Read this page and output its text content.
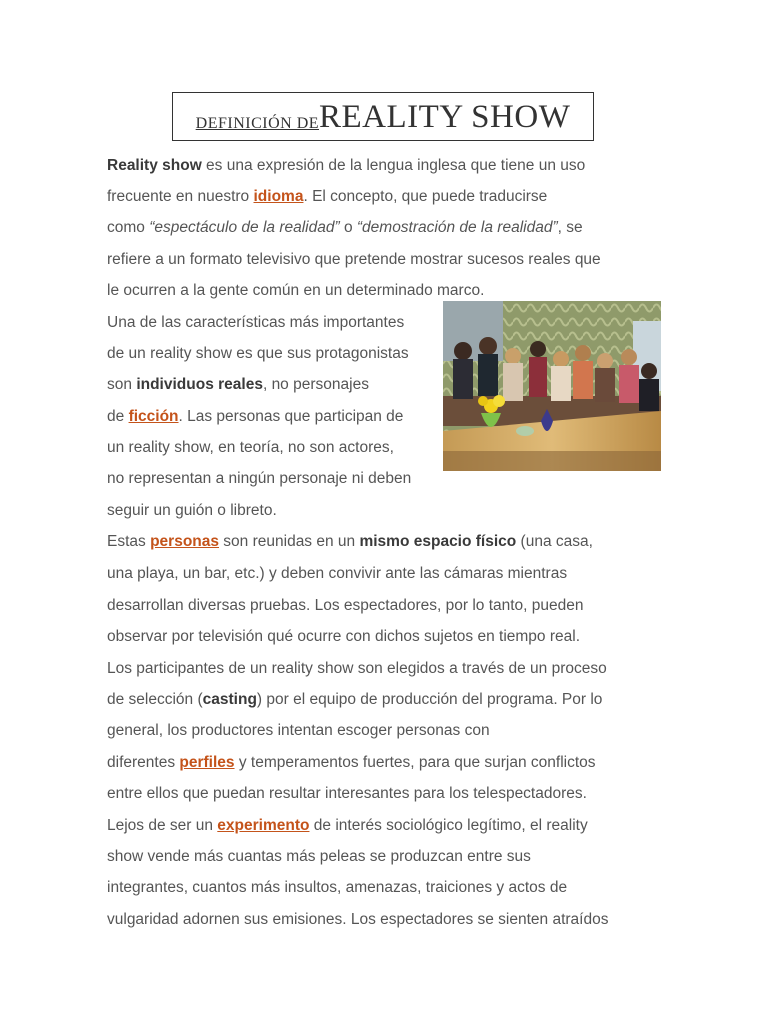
DEFINICIÓN DE REALITY SHOW
Reality show es una expresión de la lengua inglesa que tiene un uso
frecuente en nuestro idioma. El concepto, que puede traducirse
como “espectáculo de la realidad” o “demostración de la realidad”, se
refiere a un formato televisivo que pretende mostrar sucesos reales que
le ocurren a la gente común en un determinado marco.
Una de las características más importantes
de un reality show es que sus protagonistas
son individuos reales, no personajes
de ficción. Las personas que participan de
un reality show, en teoría, no son actores,
no representan a ningún personaje ni deben
seguir un guión o libreto.
Estas personas son reunidas en un mismo espacio físico (una casa,
una playa, un bar, etc.) y deben convivir ante las cámaras mientras
desarrollan diversas pruebas. Los espectadores, por lo tanto, pueden
observar por televisión qué ocurre con dichos sujetos en tiempo real.
Los participantes de un reality show son elegidos a través de un proceso
de selección (casting) por el equipo de producción del programa. Por lo
general, los productores intentan escoger personas con
diferentes perfiles y temperamentos fuertes, para que surjan conflictos
entre ellos que puedan resultar interesantes para los telespectadores.
Lejos de ser un experimento de interés sociológico legítimo, el reality
show vende más cuantas más peleas se produzcan entre sus
integrantes, cuantos más insultos, amenazas, traiciones y actos de
vulgaridad adornen sus emisiones. Los espectadores se sienten atraídos
